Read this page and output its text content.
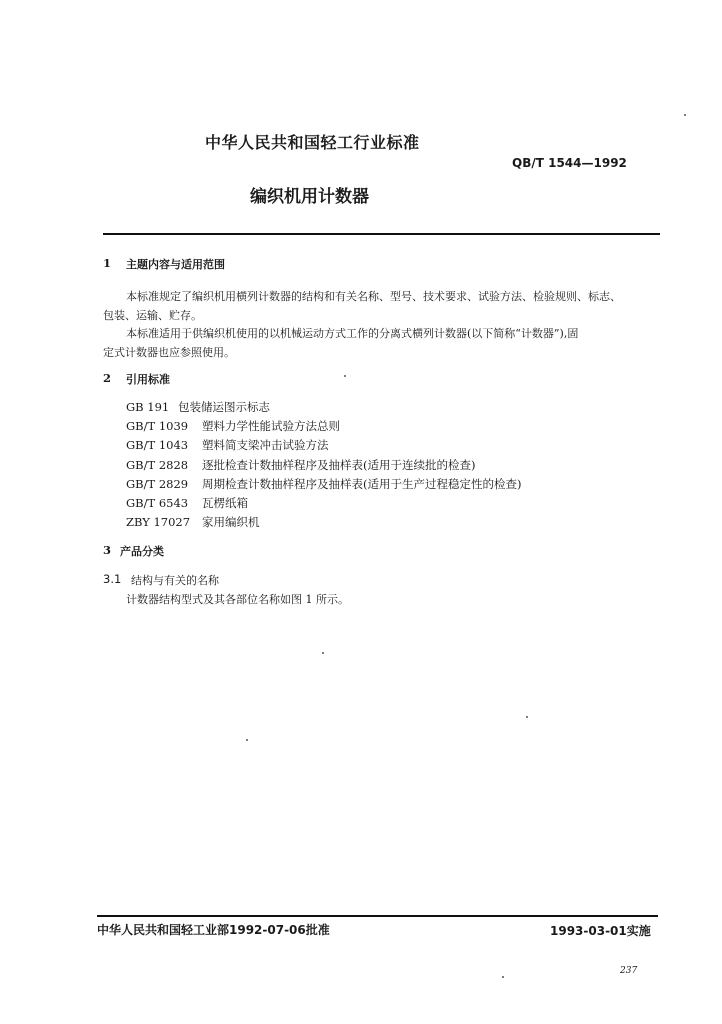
中华人民共和国轻工行业标准
QB/T 1544—1992
编织机用计数器
1 主题内容与适用范围
本标准规定了编织机用横列计数器的结构和有关名称、型号、技术要求、试验方法、检验规则、标志、
包装、运输、贮存。
本标准适用于供编织机使用的以机械运动方式工作的分离式横列计数器(以下简称“计数器”),固
定式计数器也应参照使用。
2 引用标准
GB 191 包装储运图示标志
GB/T 1039 塑料力学性能试验方法总则
GB/T 1043 塑料简支梁冲击试验方法
GB/T 2828 逐批检查计数抽样程序及抽样表(适用于连续批的检查)
GB/T 2829 周期检查计数抽样程序及抽样表(适用于生产过程稳定性的检查)
GB/T 6543 瓦楞纸箱
ZBY 17027 家用编织机
3 产品分类
3.1 结构与有关的名称
计数器结构型式及其各部位名称如图 1 所示。
中华人民共和国轻工业部1992-07-06批准	1993-03-01实施
237
